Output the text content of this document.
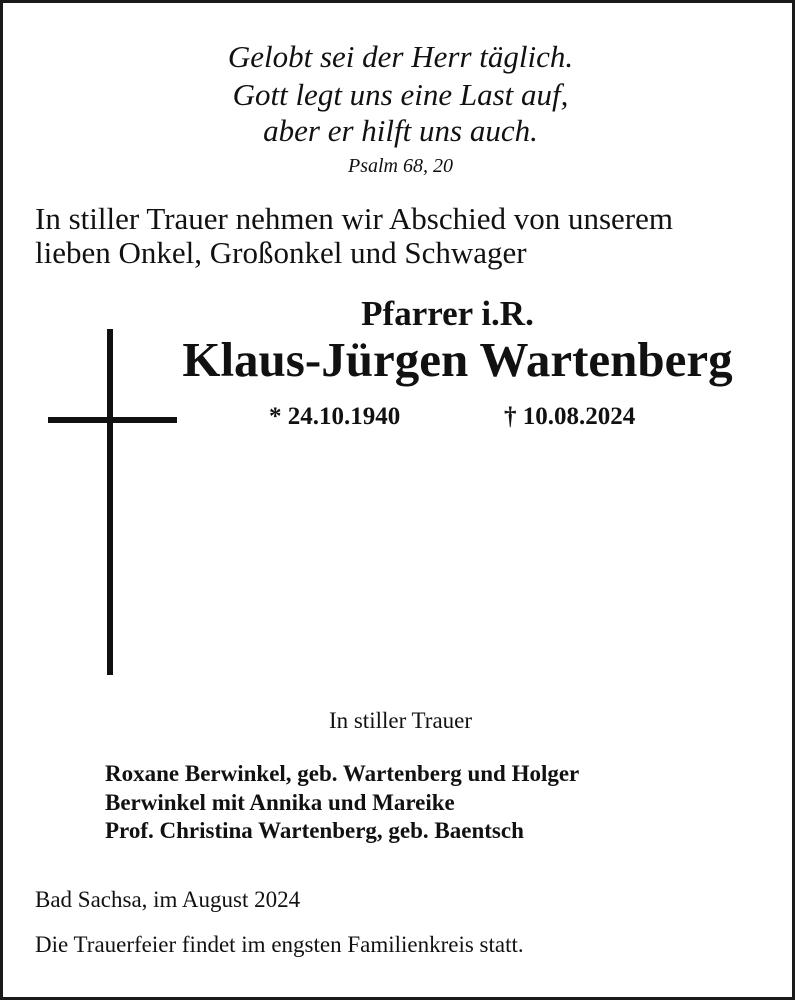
Gelobt sei der Herr täglich.
Gott legt uns eine Last auf,
aber er hilft uns auch.
Psalm 68, 20
In stiller Trauer nehmen wir Abschied von unserem
lieben Onkel, Großonkel und Schwager
Pfarrer i.R.
Klaus-Jürgen Wartenberg
* 24.10.1940	† 10.08.2024
In stiller Trauer
Roxane Berwinkel, geb. Wartenberg und Holger
Berwinkel mit Annika und Mareike
Prof. Christina Wartenberg, geb. Baentsch
Bad Sachsa, im August 2024
Die Trauerfeier findet im engsten Familienkreis statt.
